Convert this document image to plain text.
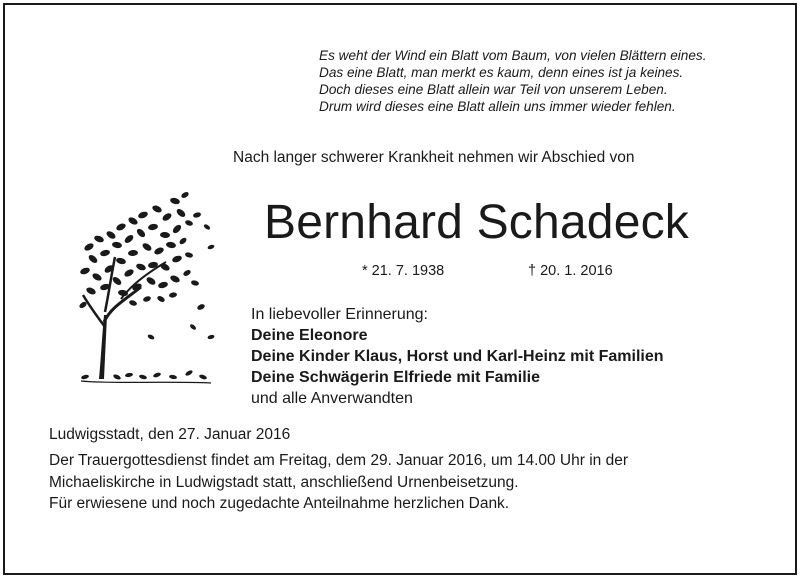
Es weht der Wind ein Blatt vom Baum, von vielen Blättern eines.
Das eine Blatt, man merkt es kaum, denn eines ist ja keines.
Doch dieses eine Blatt allein war Teil von unserem Leben.
Drum wird dieses eine Blatt allein uns immer wieder fehlen.
Nach langer schwerer Krankheit nehmen wir Abschied von
Bernhard Schadeck
* 21. 7. 1938	† 20. 1. 2016
In liebevoller Erinnerung:
Deine Eleonore
Deine Kinder Klaus, Horst und Karl-Heinz mit Familien
Deine Schwägerin Elfriede mit Familie
und alle Anverwandten
Ludwigsstadt, den 27. Januar 2016
Der Trauergottesdienst findet am Freitag, dem 29. Januar 2016, um 14.00 Uhr in der
Michaeliskirche in Ludwigstadt statt, anschließend Urnenbeisetzung.
Für erwiesene und noch zugedachte Anteilnahme herzlichen Dank.
